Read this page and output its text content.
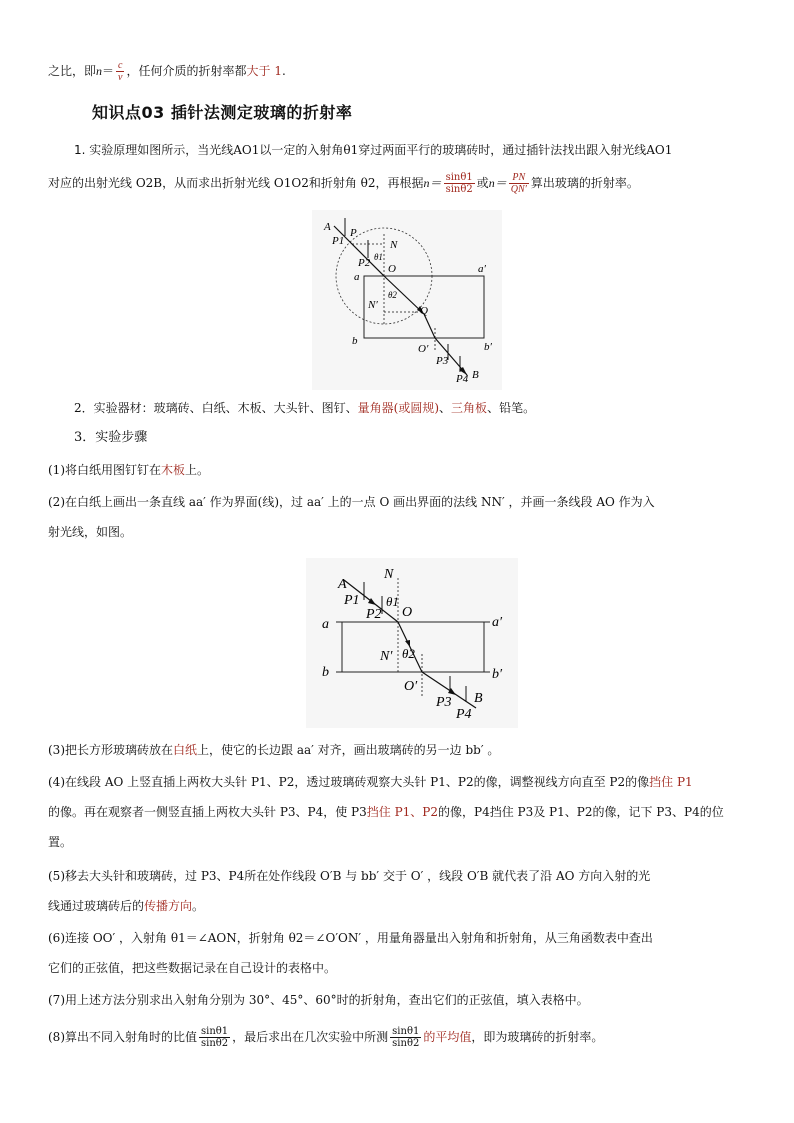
之比，即$n= \frac{c}{v}$ ，任何介质的折射率都大于 1.
知识点03 插针法测定玻璃的折射率
1. 实验原理如图所示，当光线AO1以一定的入射角θ1穿过两面平行的玻璃砖时，通过插针法找出跟入射光线AO1
对应的出射光线 O2B，从而求出折射光线 O1O2和折射角 θ2，再根据$n= \frac{\sin\theta 1}{\sin\theta 2}$ 或$n= \frac{PN}{QN'}$ 算出玻璃的折射率。
A P
P1	N
θ1
P2 O
a
a′
N′
θ2
Q
b
O′	b′
P3
P4 B
2．实验器材：玻璃砖、白纸、木板、大头针、图钉、量角器(或圆规)、三角板、铅笔。
3．实验步骤
(1)将白纸用图钉钉在木板上。
(2)在白纸上画出一条直线 aa′ 作为界面(线)，过 aa′ 上的一点 O 画出界面的法线 NN′ ，并画一条线段 AO 作为入
射光线，如图。
A
N
P1 θ1
P2 O
a	a′
N′ θ2
b	b′
O′
B
P3
P4
(3)把长方形玻璃砖放在白纸上，使它的长边跟 aa′ 对齐，画出玻璃砖的另一边 bb′ 。
(4)在线段 AO 上竖直插上两枚大头针 P1、P2，透过玻璃砖观察大头针 P1、P2的像，调整视线方向直至 P2的像挡住 P1
的像。再在观察者一侧竖直插上两枚大头针 P3、P4，使 P3挡住 P1、P2的像，P4挡住 P3及 P1、P2的像，记下 P3、P4的位
置。
(5)移去大头针和玻璃砖，过 P3、P4所在处作线段 O′B 与 bb′ 交于 O′ ，线段 O′B 就代表了沿 AO 方向入射的光
线通过玻璃砖后的传播方向。
(6)连接 OO′ ，入射角 θ1＝∠AON，折射角 θ2＝∠O′ON′ ，用量角器量出入射角和折射角，从三角函数表中查出
它们的正弦值，把这些数据记录在自己设计的表格中。
(7)用上述方法分别求出入射角分别为 30°、45°、60°时的折射角，查出它们的正弦值，填入表格中。
(8)算出不同入射角时的比值 $\frac{\sin\theta 1}{\sin\theta 2}$ ，最后求出在几次实验中所测 $\frac{\sin\theta 1}{\sin\theta 2}$ 的平均值，即为玻璃砖的折射率。
